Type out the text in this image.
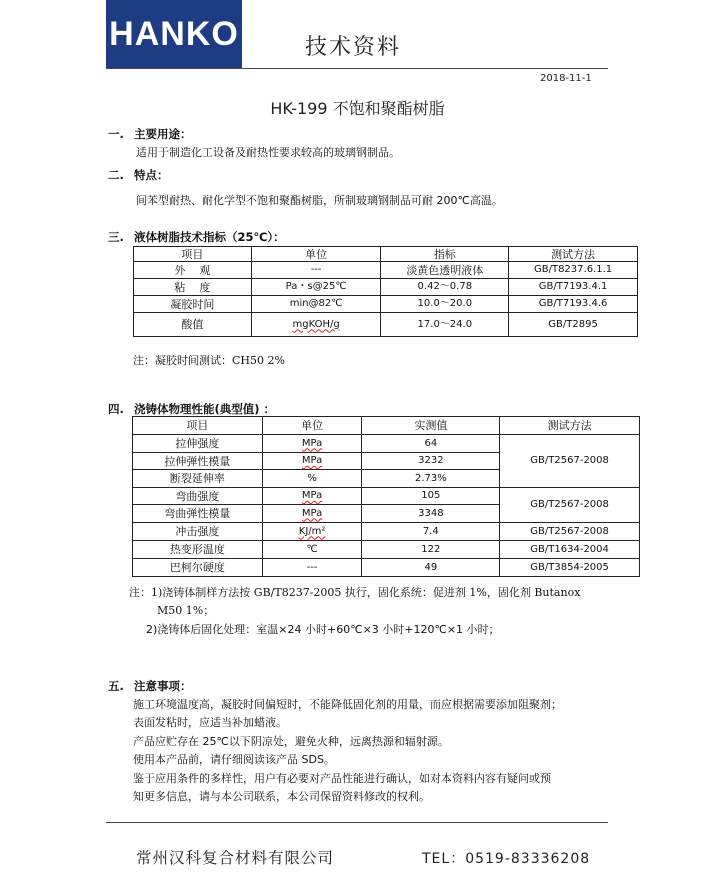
HANKO	技术资料
2018-11-1
HK-199 不饱和聚酯树脂
一. 主要用途：
适用于制造化工设备及耐热性要求较高的玻璃钢制品。
二. 特点：
间苯型耐热、耐化学型不饱和聚酯树脂，所制玻璃钢制品可耐 200℃高温。
三. 液体树脂技术指标（25℃）：
项目	单位	指标	测试方法
外    观	---	淡黄色透明液体	GB/T8237.6.1.1
粘    度	Pa・s@25℃	0.42～0.78	GB/T7193.4.1
凝胶时间	min@82℃	10.0～20.0	GB/T7193.4.6
酸值	mgKOH/g	17.0～24.0	GB/T2895
注：凝胶时间测试：CH50 2%
四. 浇铸体物理性能(典型值) ：
项目	单位	实测值	测试方法
拉伸强度	MPa	64	GB/T2567-2008
拉伸弹性模量	MPa	3232	
断裂延伸率	%	2.73%	
弯曲强度	MPa	105	GB/T2567-2008
弯曲弹性模量	MPa	3348	
冲击强度	KJ/m²	7.4	GB/T2567-2008
热变形温度	℃	122	GB/T1634-2004
巴柯尔硬度	---	49	GB/T3854-2005
注：1)浇铸体制样方法按 GB/T8237-2005 执行，固化系统：促进剂 1%，固化剂 Butanox
M50 1%；
2)浇铸体后固化处理：室温×24 小时+60℃×3 小时+120℃×1 小时；
五. 注意事项：
施工环境温度高，凝胶时间偏短时，不能降低固化剂的用量，而应根据需要添加阻聚剂；
表面发粘时，应适当补加蜡液。
产品应贮存在 25℃以下阴凉处，避免火种，远离热源和辐射源。
使用本产品前，请仔细阅读该产品 SDS。
鉴于应用条件的多样性，用户有必要对产品性能进行确认，如对本资料内容有疑问或预
知更多信息，请与本公司联系，本公司保留资料修改的权利。
常州汉科复合材料有限公司	TEL：0519-83336208
